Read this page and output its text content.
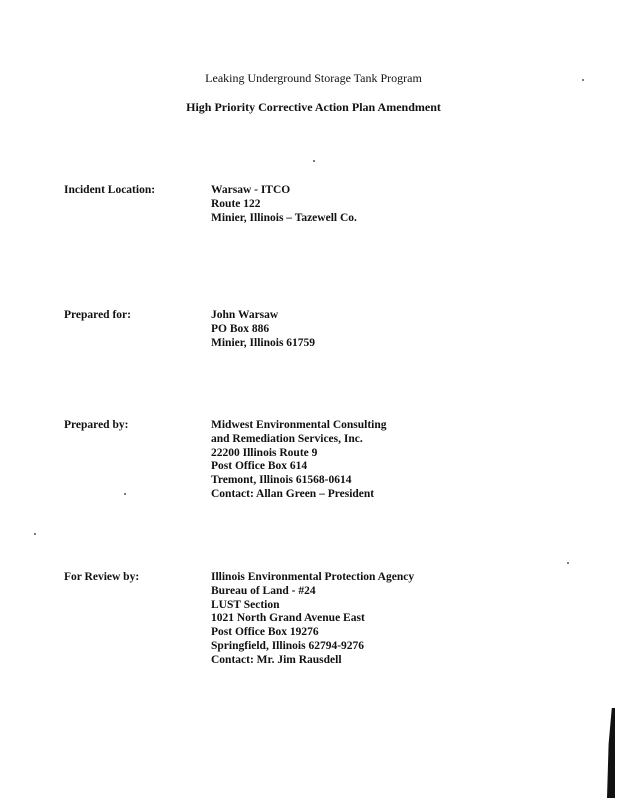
Leaking Underground Storage Tank Program
High Priority Corrective Action Plan Amendment
Incident Location:	Warsaw - ITCO
Route 122
Minier, Illinois – Tazewell Co.
Prepared for:	John Warsaw
PO Box 886
Minier, Illinois 61759
Prepared by:	Midwest Environmental Consulting
and Remediation Services, Inc.
22200 Illinois Route 9
Post Office Box 614
Tremont, Illinois 61568-0614
Contact: Allan Green – President
For Review by:	Illinois Environmental Protection Agency
Bureau of Land - #24
LUST Section
1021 North Grand Avenue East
Post Office Box 19276
Springfield, Illinois 62794-9276
Contact: Mr. Jim Rausdell
